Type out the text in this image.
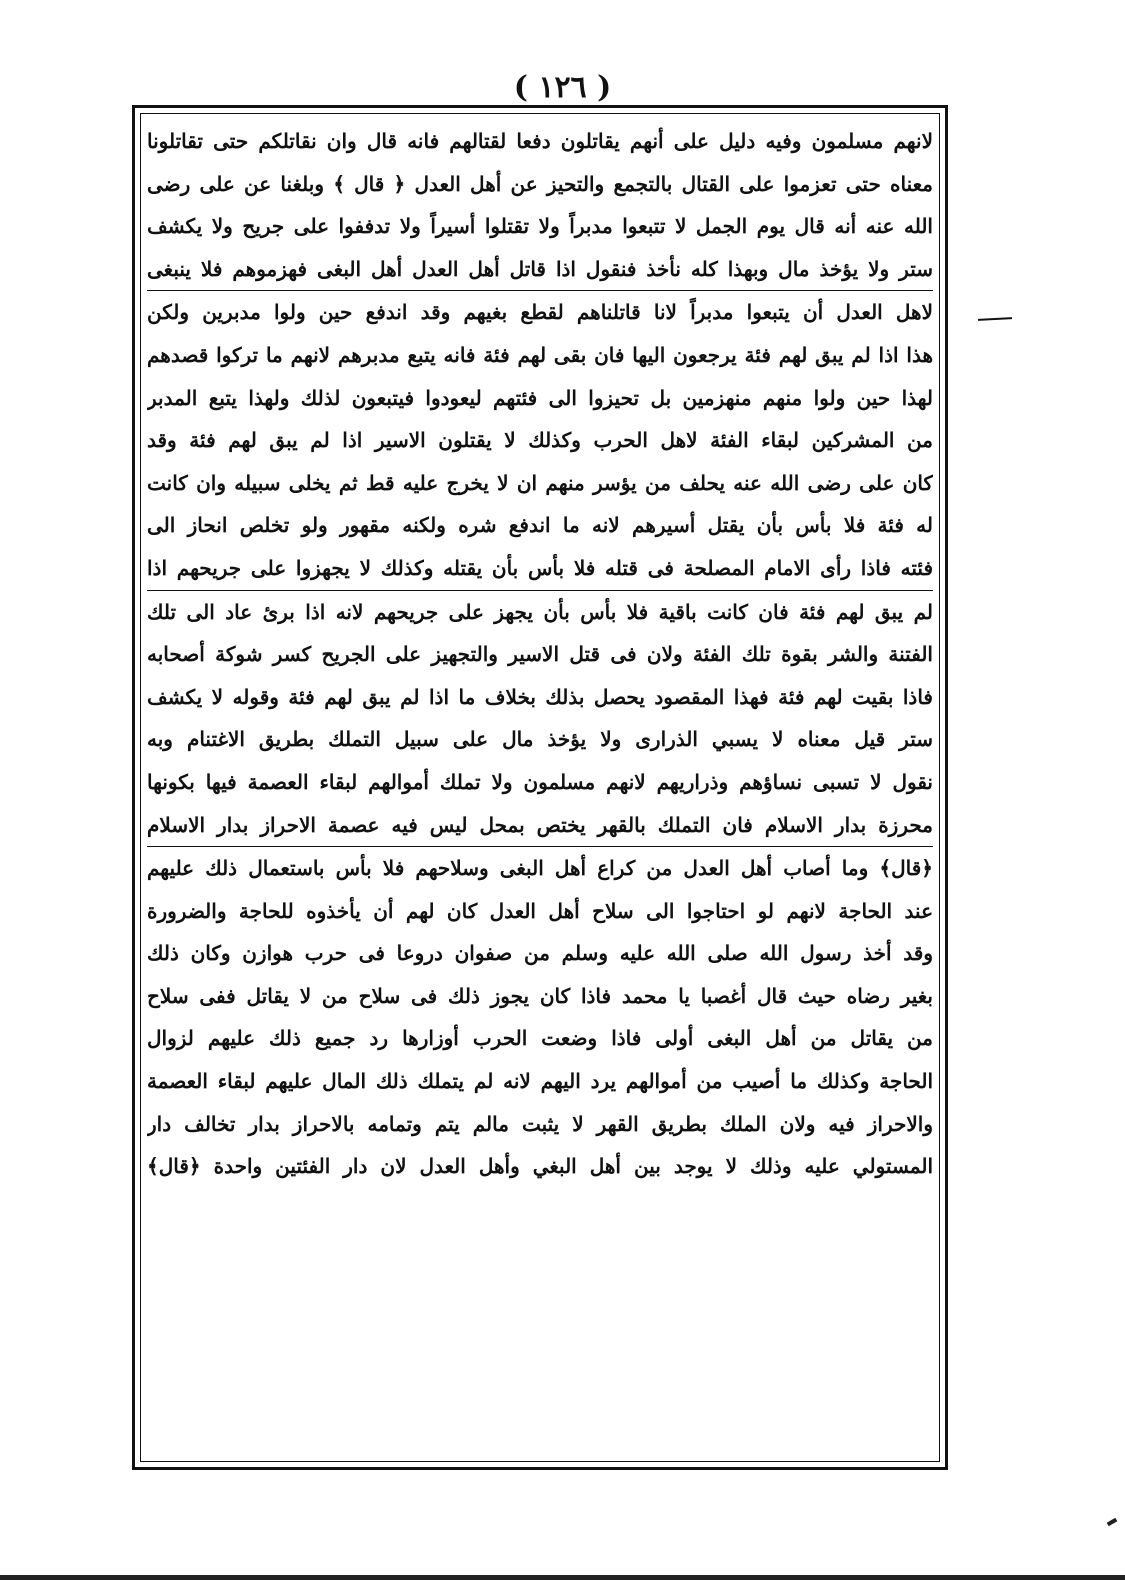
( ١٢٦ )
لانهم مسلمون وفيه دليل على أنهم يقاتلون دفعا لقتالهم فانه قال وان نقاتلكم حتى تقاتلونا
معناه حتى تعزموا على القتال بالتجمع والتحيز عن أهل العدل ﴿ قال ﴾ وبلغنا عن على رضى
الله عنه أنه قال يوم الجمل لا تتبعوا مدبراً ولا تقتلوا أسيراً ولا تدففوا على جريح ولا يكشف
ستر ولا يؤخذ مال وبهذا كله نأخذ فنقول اذا قاتل أهل العدل أهل البغى فهزموهم فلا ينبغى
لاهل العدل أن يتبعوا مدبراً لانا قاتلناهم لقطع بغيهم وقد اندفع حين ولوا مدبرين ولكن
هذا اذا لم يبق لهم فئة يرجعون اليها فان بقى لهم فئة فانه يتبع مدبرهم لانهم ما تركوا قصدهم
لهذا حين ولوا منهم منهزمين بل تحيزوا الى فئتهم ليعودوا فيتبعون لذلك ولهذا يتبع المدبر
من المشركين لبقاء الفئة لاهل الحرب وكذلك لا يقتلون الاسير اذا لم يبق لهم فئة وقد
كان على رضى الله عنه يحلف من يؤسر منهم ان لا يخرج عليه قط ثم يخلى سبيله وان كانت
له فئة فلا بأس بأن يقتل أسيرهم لانه ما اندفع شره ولكنه مقهور ولو تخلص انحاز الى
فئته فاذا رأى الامام المصلحة فى قتله فلا بأس بأن يقتله وكذلك لا يجهزوا على جريحهم اذا
لم يبق لهم فئة فان كانت باقية فلا بأس بأن يجهز على جريحهم لانه اذا برئ عاد الى تلك
الفتنة والشر بقوة تلك الفئة ولان فى قتل الاسير والتجهيز على الجريح كسر شوكة أصحابه
فاذا بقيت لهم فئة فهذا المقصود يحصل بذلك بخلاف ما اذا لم يبق لهم فئة وقوله لا يكشف
ستر قيل معناه لا يسبي الذرارى ولا يؤخذ مال على سبيل التملك بطريق الاغتنام وبه
نقول لا تسبى نساؤهم وذراريهم لانهم مسلمون ولا تملك أموالهم لبقاء العصمة فيها بكونها
محرزة بدار الاسلام فان التملك بالقهر يختص بمحل ليس فيه عصمة الاحراز بدار الاسلام
﴿قال﴾ وما أصاب أهل العدل من كراع أهل البغى وسلاحهم فلا بأس باستعمال ذلك عليهم
عند الحاجة لانهم لو احتاجوا الى سلاح أهل العدل كان لهم أن يأخذوه للحاجة والضرورة
وقد أخذ رسول الله صلى الله عليه وسلم من صفوان دروعا فى حرب هوازن وكان ذلك
بغير رضاه حيث قال أغصبا يا محمد فاذا كان يجوز ذلك فى سلاح من لا يقاتل ففى سلاح
من يقاتل من أهل البغى أولى فاذا وضعت الحرب أوزارها رد جميع ذلك عليهم لزوال
الحاجة وكذلك ما أصيب من أموالهم يرد اليهم لانه لم يتملك ذلك المال عليهم لبقاء العصمة
والاحراز فيه ولان الملك بطريق القهر لا يثبت مالم يتم وتمامه بالاحراز بدار تخالف دار
المستولي عليه وذلك لا يوجد بين أهل البغي وأهل العدل لان دار الفئتين واحدة ﴿قال﴾
